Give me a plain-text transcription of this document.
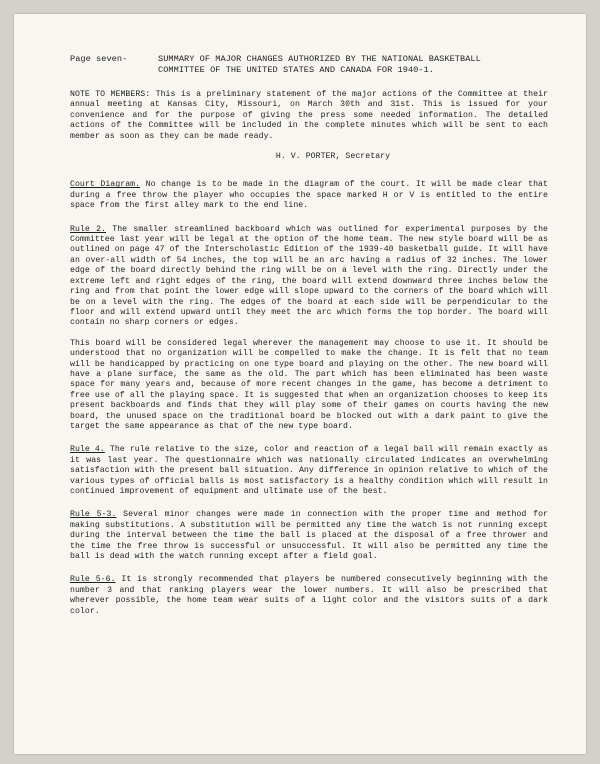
Page seven-	SUMMARY OF MAJOR CHANGES AUTHORIZED BY THE NATIONAL BASKETBALL
COMMITTEE OF THE UNITED STATES AND CANADA FOR 1940-1.

NOTE TO MEMBERS: This is a preliminary statement of the major actions of the Committee at their annual meeting at Kansas City, Missouri, on March 30th and 31st. This is issued for your convenience and for the purpose of giving the press some needed information. The detailed actions of the Committee will be included in the complete minutes which will be sent to each member as soon as they can be made ready.

H. V. PORTER, Secretary

Court Diagram. No change is to be made in the diagram of the court. It will be made clear that during a free throw the player who occupies the space marked H or V is entitled to the entire space from the first alley mark to the end line.

Rule 2. The smaller streamlined backboard which was outlined for experimental purposes by the Committee last year will be legal at the option of the home team. The new style board will be as outlined on page 47 of the Interscholastic Edition of the 1939-40 basketball guide. It will have an over-all width of 54 inches, the top will be an arc having a radius of 32 inches. The lower edge of the board directly behind the ring will be on a level with the ring. Directly under the extreme left and right edges of the ring, the board will extend downward three inches below the ring and from that point the lower edge will slope upward to the corners of the board which will be on a level with the ring. The edges of the board at each side will be perpendicular to the floor and will extend upward until they meet the arc which forms the top border. The board will contain no sharp corners or edges.

This board will be considered legal wherever the management may choose to use it. It should be understood that no organization will be compelled to make the change. It is felt that no team will be handicapped by practicing on one type board and playing on the other. The new board will have a plane surface, the same as the old. The part which has been eliminated has been waste space for many years and, because of more recent changes in the game, has become a detriment to free use of all the playing space. It is suggested that when an organization chooses to keep its present backboards and finds that they will play some of their games on courts having the new board, the unused space on the traditional board be blocked out with a dark paint to give the target the same appearance as that of the new type board.

Rule 4. The rule relative to the size, color and reaction of a legal ball will remain exactly as it was last year. The questionnaire which was nationally circulated indicates an overwhelming satisfaction with the present ball situation. Any difference in opinion relative to which of the various types of official balls is most satisfactory is a healthy condition which will result in continued improvement of equipment and ultimate use of the best.

Rule 5-3. Several minor changes were made in connection with the proper time and method for making substitutions. A substitution will be permitted any time the watch is not running except during the interval between the time the ball is placed at the disposal of a free thrower and the time the free throw is successful or unsuccessful. It will also be permitted any time the ball is dead with the watch running except after a field goal.

Rule 5-6. It is strongly recommended that players be numbered consecutively beginning with the number 3 and that ranking players wear the lower numbers. It will also be prescribed that wherever possible, the home team wear suits of a light color and the visitors suits of a dark color.
